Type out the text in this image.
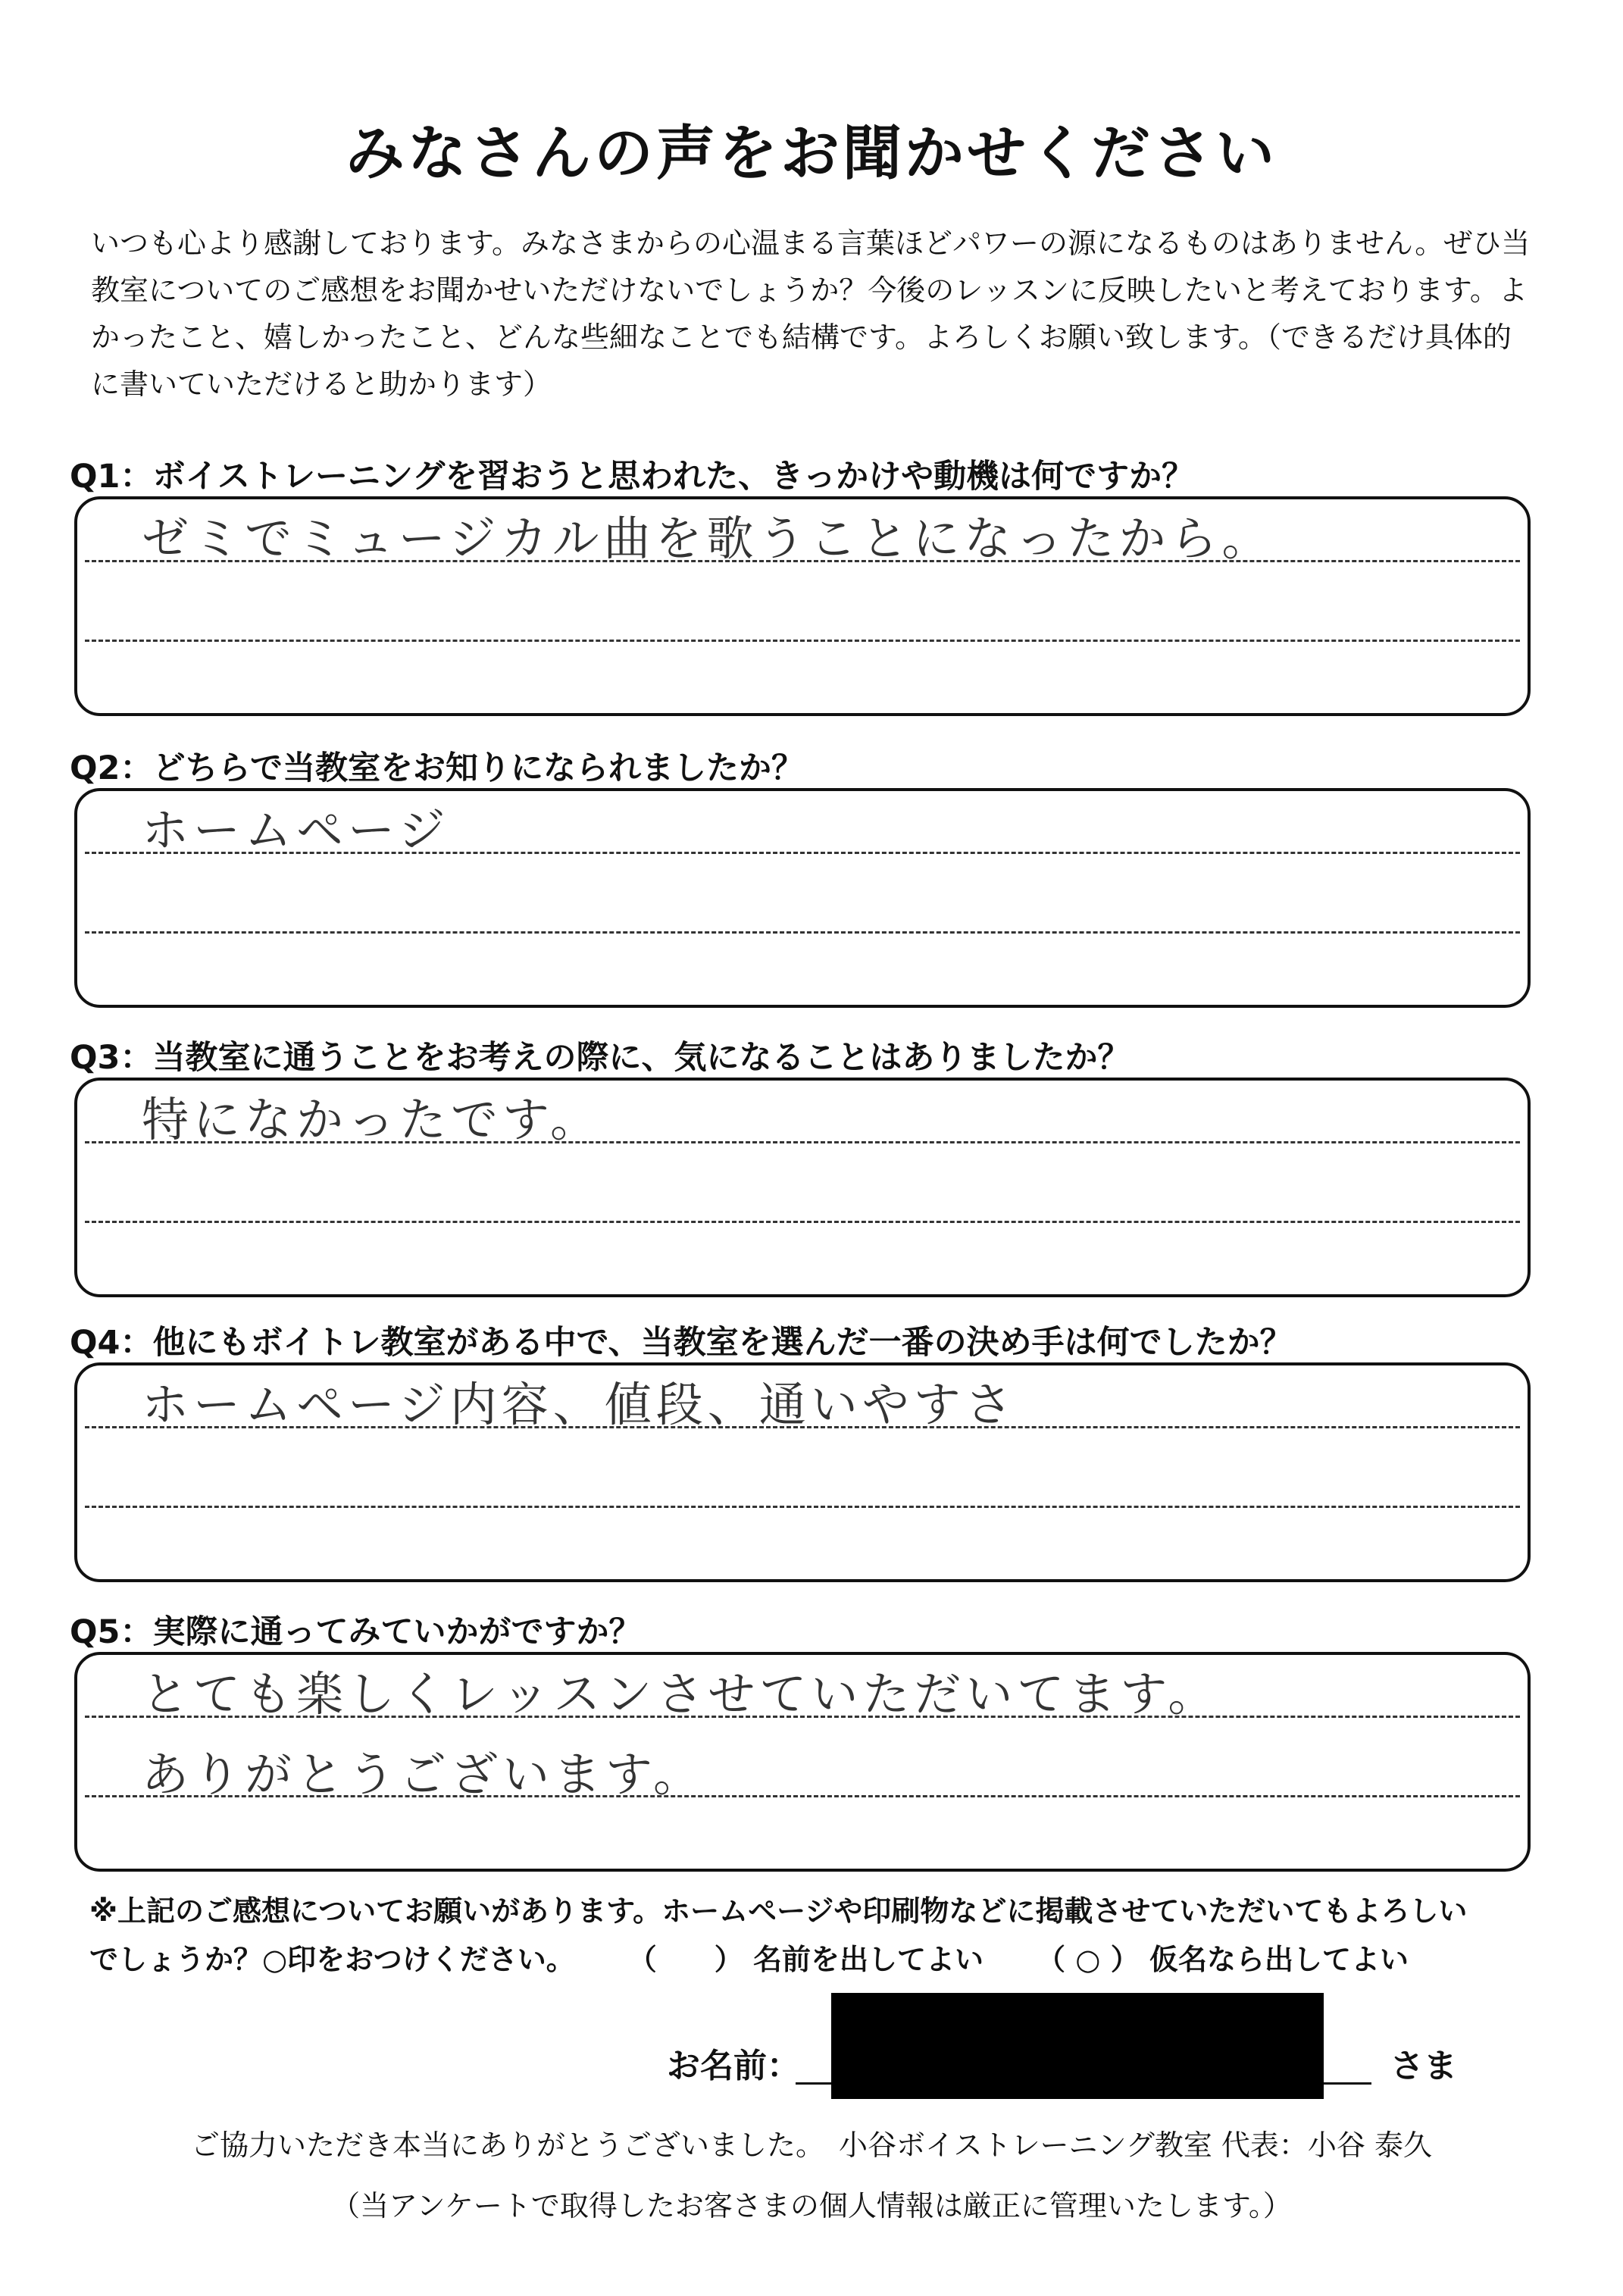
みなさんの声をお聞かせください
いつも心より感謝しております。みなさまからの心温まる言葉ほどパワーの源になるものはありません。ぜひ当教室についてのご感想をお聞かせいただけないでしょうか？今後のレッスンに反映したいと考えております。よかったこと、嬉しかったこと、どんな些細なことでも結構です。よろしくお願い致します。（できるだけ具体的に書いていただけると助かります）
Q1：ボイストレーニングを習おうと思われた、きっかけや動機は何ですか？
ゼミでミュージカル曲を歌うことになったから。
Q2：どちらで当教室をお知りになられましたか？
ホームページ
Q3：当教室に通うことをお考えの際に、気になることはありましたか？
特になかったです。
Q4：他にもボイトレ教室がある中で、当教室を選んだ一番の決め手は何でしたか？
ホームページ内容、値段、通いやすさ
Q5：実際に通ってみていかがですか？
とても楽しくレッスンさせていただいてます。
ありがとうございます。
※上記のご感想についてお願いがあります。ホームページや印刷物などに掲載させていただいてもよろしい
でしょうか？○印をおつけください。 （　　） 名前を出してよい （ ○ ） 仮名なら出してよい
お名前：	さま
ご協力いただき本当にありがとうございました。　小谷ボイストレーニング教室 代表：小谷 泰久
（当アンケートで取得したお客さまの個人情報は厳正に管理いたします。）
